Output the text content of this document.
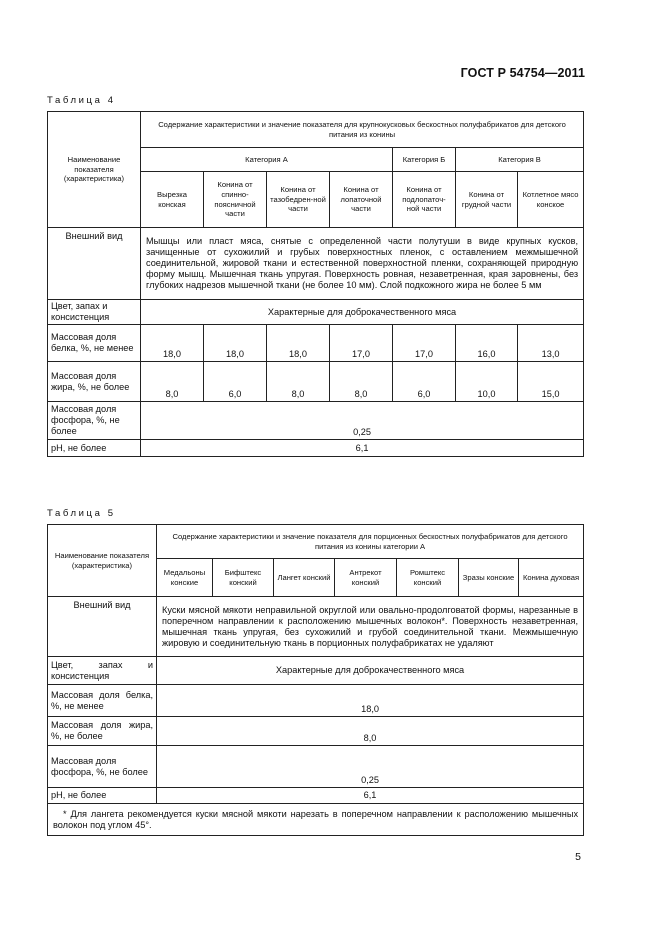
ГОСТ Р 54754—2011
Таблица 4
Наименование показателя (характеристика)	Содержание характеристики и значение показателя для крупнокусковых бескостных полуфабрикатов для детского питания из конины						
	Категория А				Категория Б	Категория В	
	Вырезка конская	Конина от спинно-поясничной части	Конина от тазобедрен-ной части	Конина от лопаточной части	Конина от подлопаточ-ной части	Конина от грудной части	Котлетное мясо конское
Внешний вид	Мышцы или пласт мяса, снятые с определенной части полутуши в виде крупных кусков, зачищенные от сухожилий и грубых поверхностных пленок, с оставлением межмышечной соединительной, жировой ткани и естественной поверхностной пленки, сохраняющей природную форму мышц. Мышечная ткань упругая. Поверхность ровная, незаветренная, края заровнены, без глубоких надрезов мышечной ткани (не более 10 мм). Слой подкожного жира не более 5 мм						
Цвет, запах и консистенция	Характерные для доброкачественного мяса						
Массовая доля белка, %, не менее	18,0	18,0	18,0	17,0	17,0	16,0	13,0
Массовая доля жира, %, не более	8,0	6,0	8,0	8,0	6,0	10,0	15,0
Массовая доля фосфора, %, не более	0,25						
pH, не более	6,1						
Таблица 5
Наименование показателя (характеристика)	Содержание характеристики и значение показателя для порционных бескостных полуфабрикатов для детского питания из конины категории А						
	Медальоны конские	Бифштекс конский	Лангет конский	Антрекот конский	Ромштекс конский	Зразы конские	Конина духовая
Внешний вид	Куски мясной мякоти неправильной округлой или овально-продолговатой формы, нарезанные в поперечном направлении к расположению мышечных волокон*. Поверхность незаветренная, мышечная ткань упругая, без сухожилий и грубой соединительной ткани. Межмышечную жировую и соединительную ткань в порционных полуфабрикатах не удаляют						
Цвет, запах и консистенция	Характерные для доброкачественного мяса						
Массовая доля белка, %, не менее	18,0						
Массовая доля жира, %, не более	8,0						
Массовая доля фосфора, %, не более	0,25						
pH, не более	6,1						
* Для лангета рекомендуется куски мясной мякоти нарезать в поперечном направлении к расположению мышечных волокон под углом 45°.							
5
